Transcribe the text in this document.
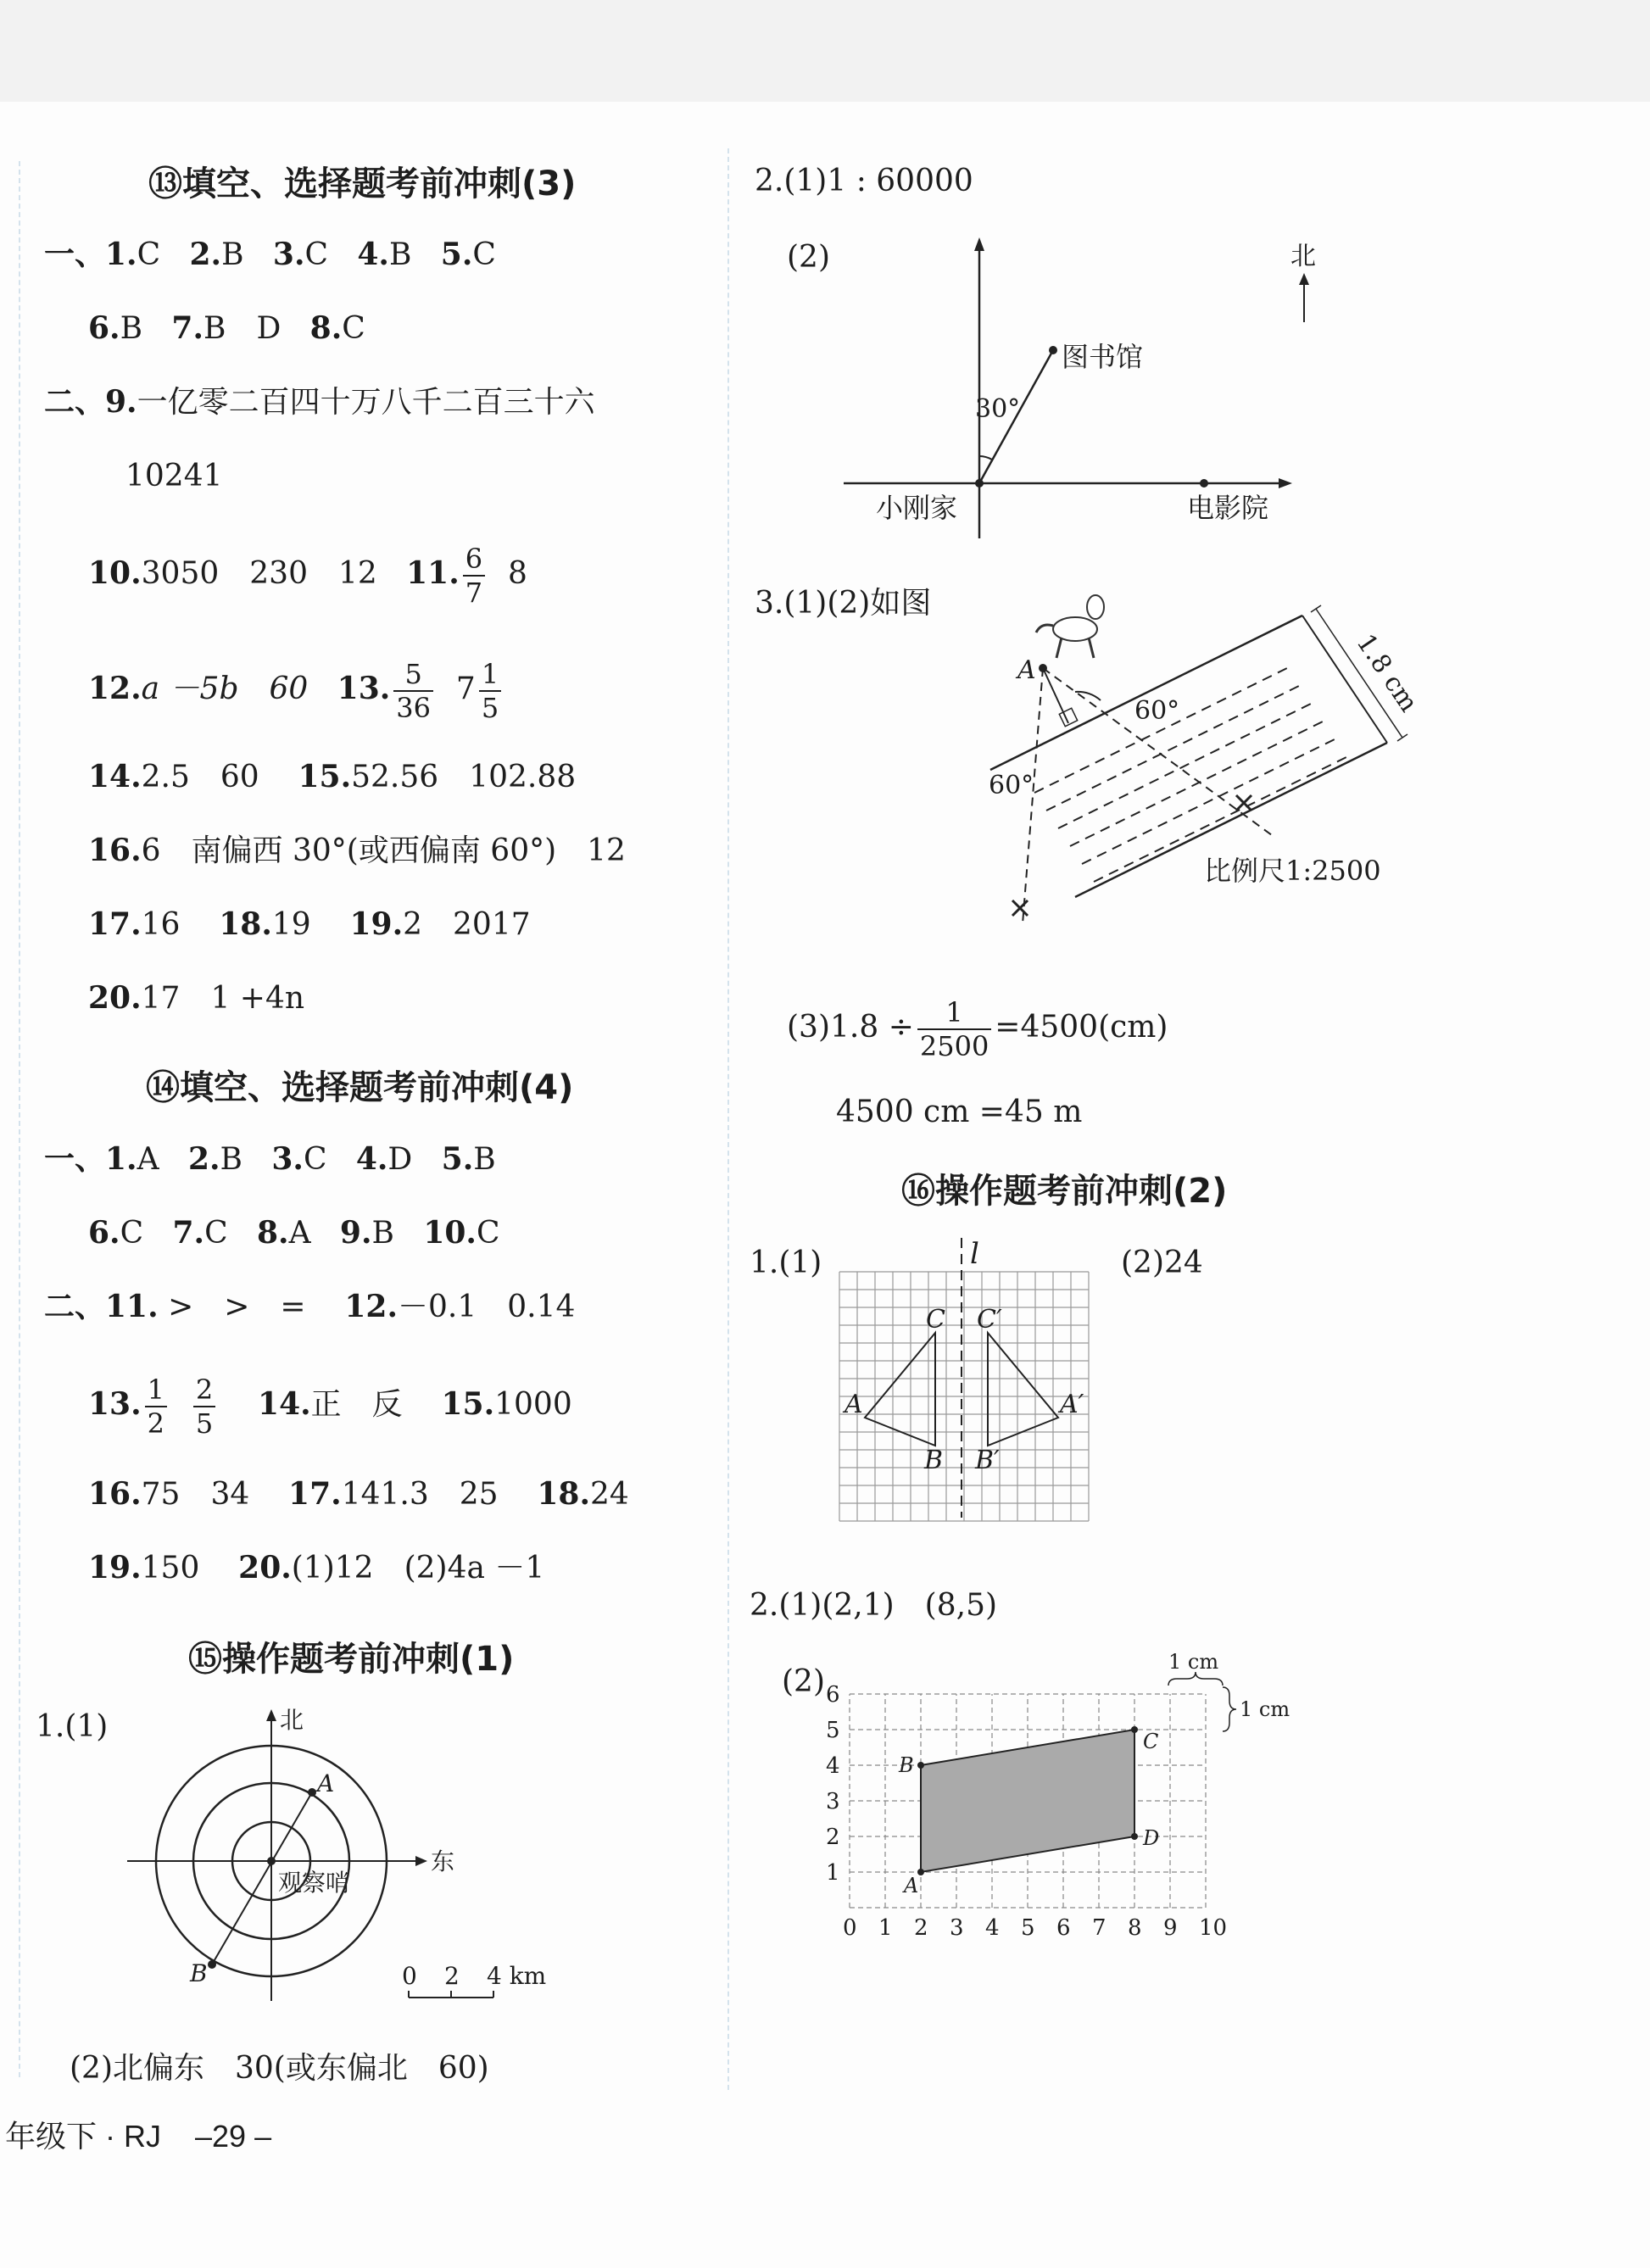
⑬填空、选择题考前冲刺(3)
一、1.C 2.B 3.C 4.B 5.C
6.B 7.B　D 8.C
二、9.一亿零二百四十万八千二百三十六
10241
10.3050　230　12 11. $\frac{6}{7} 8$
12.a －5b　60 13. $\frac{5}{36} 7 \frac{1}{5}$
14.2.5　60 15.52.56　102.88
16.6　南偏西 30°(或西偏南 60°)　12
17.16 18.19 19.2　2017
20.17　1 +4n
⑭填空、选择题考前冲刺(4)
一、1.A 2.B 3.C 4.D 5.B
6.C 7.C 8.A 9.B 10.C
二、11. >　>　= 12.－0.1　0.14
13. $\frac{1}{2}$
$\frac{2}{5} 14$.正　反 15.1000
16.75　34 17.141.3　25 18.24
19.150 20.(1)12　(2)4a －1
⑮操作题考前冲刺(1)
1.(1)	北
东
A
B
观察哨
0 2 4 km
(2)北偏东　30(或东偏北　60)
2.(1)1 : 60000
(2)
图书馆
30°
小刚家	电影院
北
3.(1)(2)如图
1.8 cm
A
60°
60°
比例尺1:2500
$(3)1.8 \div \frac{1}{2500} =4500(cm)$
4500 cm =45 m
⑯操作题考前冲刺(2)
1.(1)	(2)24
l
C C′
A	A′
B B′
2.(1)(2,1)　(8,5)
(2)
0 1 2 3 4 5 6 7 8 9 10
1
2
3
4
5
6
A
B
C
D
1 cm
1 cm
年级下 · RJ –29 –
